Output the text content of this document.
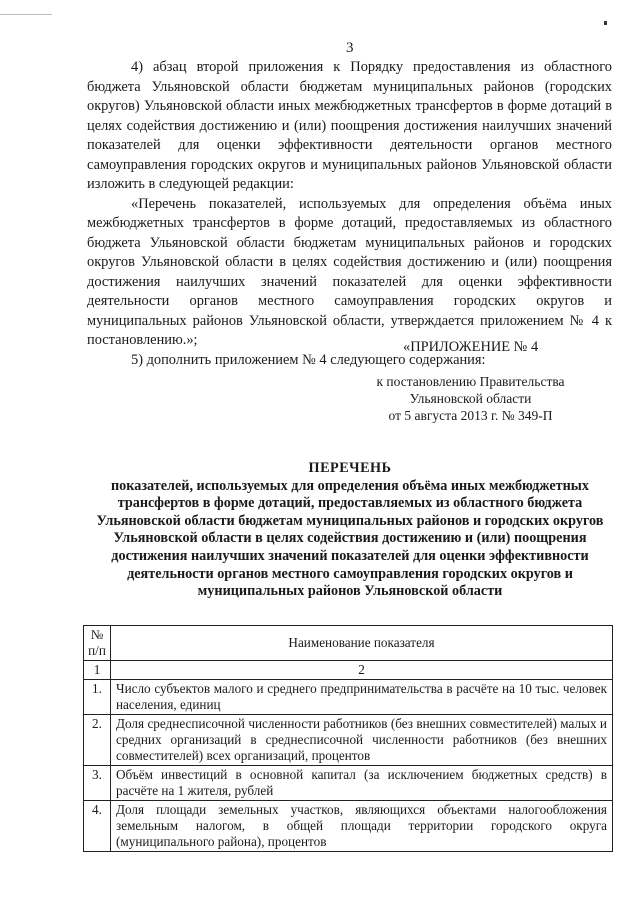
3

4) абзац второй приложения к Порядку предоставления из областного бюджета Ульяновской области бюджетам муниципальных районов (городских округов) Ульяновской области иных межбюджетных трансфертов в форме дотаций в целях содействия достижению и (или) поощрения достижения наилучших значений показателей для оценки эффективности деятельности органов местного самоуправления городских округов и муниципальных районов Ульяновской области изложить в следующей редакции:

«Перечень показателей, используемых для определения объёма иных межбюджетных трансфертов в форме дотаций, предоставляемых из областного бюджета Ульяновской области бюджетам муниципальных районов и городских округов Ульяновской области в целях содействия достижению и (или) поощрения достижения наилучших значений показателей для оценки эффективности деятельности органов местного самоуправления городских округов и муниципальных районов Ульяновской области, утверждается приложением № 4 к постановлению.»;

5) дополнить приложением № 4 следующего содержания:

«ПРИЛОЖЕНИЕ № 4
к постановлению Правительства
Ульяновской области
от 5 августа 2013 г. № 349-П
ПЕРЕЧЕНЬ
показателей, используемых для определения объёма иных межбюджетных трансфертов в форме дотаций, предоставляемых из областного бюджета Ульяновской области бюджетам муниципальных районов и городских округов Ульяновской области в целях содействия достижению и (или) поощрения достижения наилучших значений показателей для оценки эффективности деятельности органов местного самоуправления городских округов и муниципальных районов Ульяновской области
№ п/п	Наименование показателя
1	2
1.	Число субъектов малого и среднего предпринимательства в расчёте на 10 тыс. человек населения, единиц
2.	Доля среднесписочной численности работников (без внешних совместителей) малых и средних организаций в среднесписочной численности работников (без внешних совместителей) всех организаций, процентов
3.	Объём инвестиций в основной капитал (за исключением бюджетных средств) в расчёте на 1 жителя, рублей
4.	Доля площади земельных участков, являющихся объектами налогообложения земельным налогом, в общей площади территории городского округа (муниципального района), процентов
